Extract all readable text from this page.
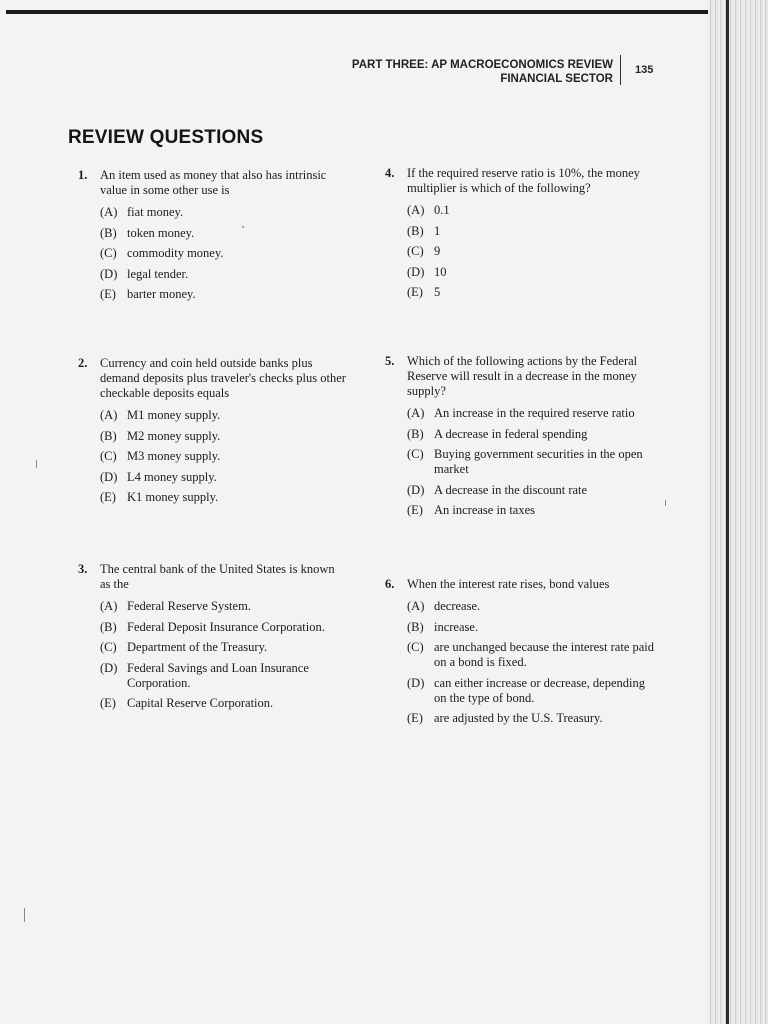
PART THREE: AP MACROECONOMICS REVIEW
FINANCIAL SECTOR
135
REVIEW QUESTIONS
1. An item used as money that also has intrinsic value in some other use is
(A) fiat money.
(B) token money.
(C) commodity money.
(D) legal tender.
(E) barter money.
2. Currency and coin held outside banks plus demand deposits plus traveler's checks plus other checkable deposits equals
(A) M1 money supply.
(B) M2 money supply.
(C) M3 money supply.
(D) L4 money supply.
(E) K1 money supply.
3. The central bank of the United States is known as the
(A) Federal Reserve System.
(B) Federal Deposit Insurance Corporation.
(C) Department of the Treasury.
(D) Federal Savings and Loan Insurance Corporation.
(E) Capital Reserve Corporation.
4. If the required reserve ratio is 10%, the money multiplier is which of the following?
(A) 0.1
(B) 1
(C) 9
(D) 10
(E) 5
5. Which of the following actions by the Federal Reserve will result in a decrease in the money supply?
(A) An increase in the required reserve ratio
(B) A decrease in federal spending
(C) Buying government securities in the open market
(D) A decrease in the discount rate
(E) An increase in taxes
6. When the interest rate rises, bond values
(A) decrease.
(B) increase.
(C) are unchanged because the interest rate paid on a bond is fixed.
(D) can either increase or decrease, depending on the type of bond.
(E) are adjusted by the U.S. Treasury.
